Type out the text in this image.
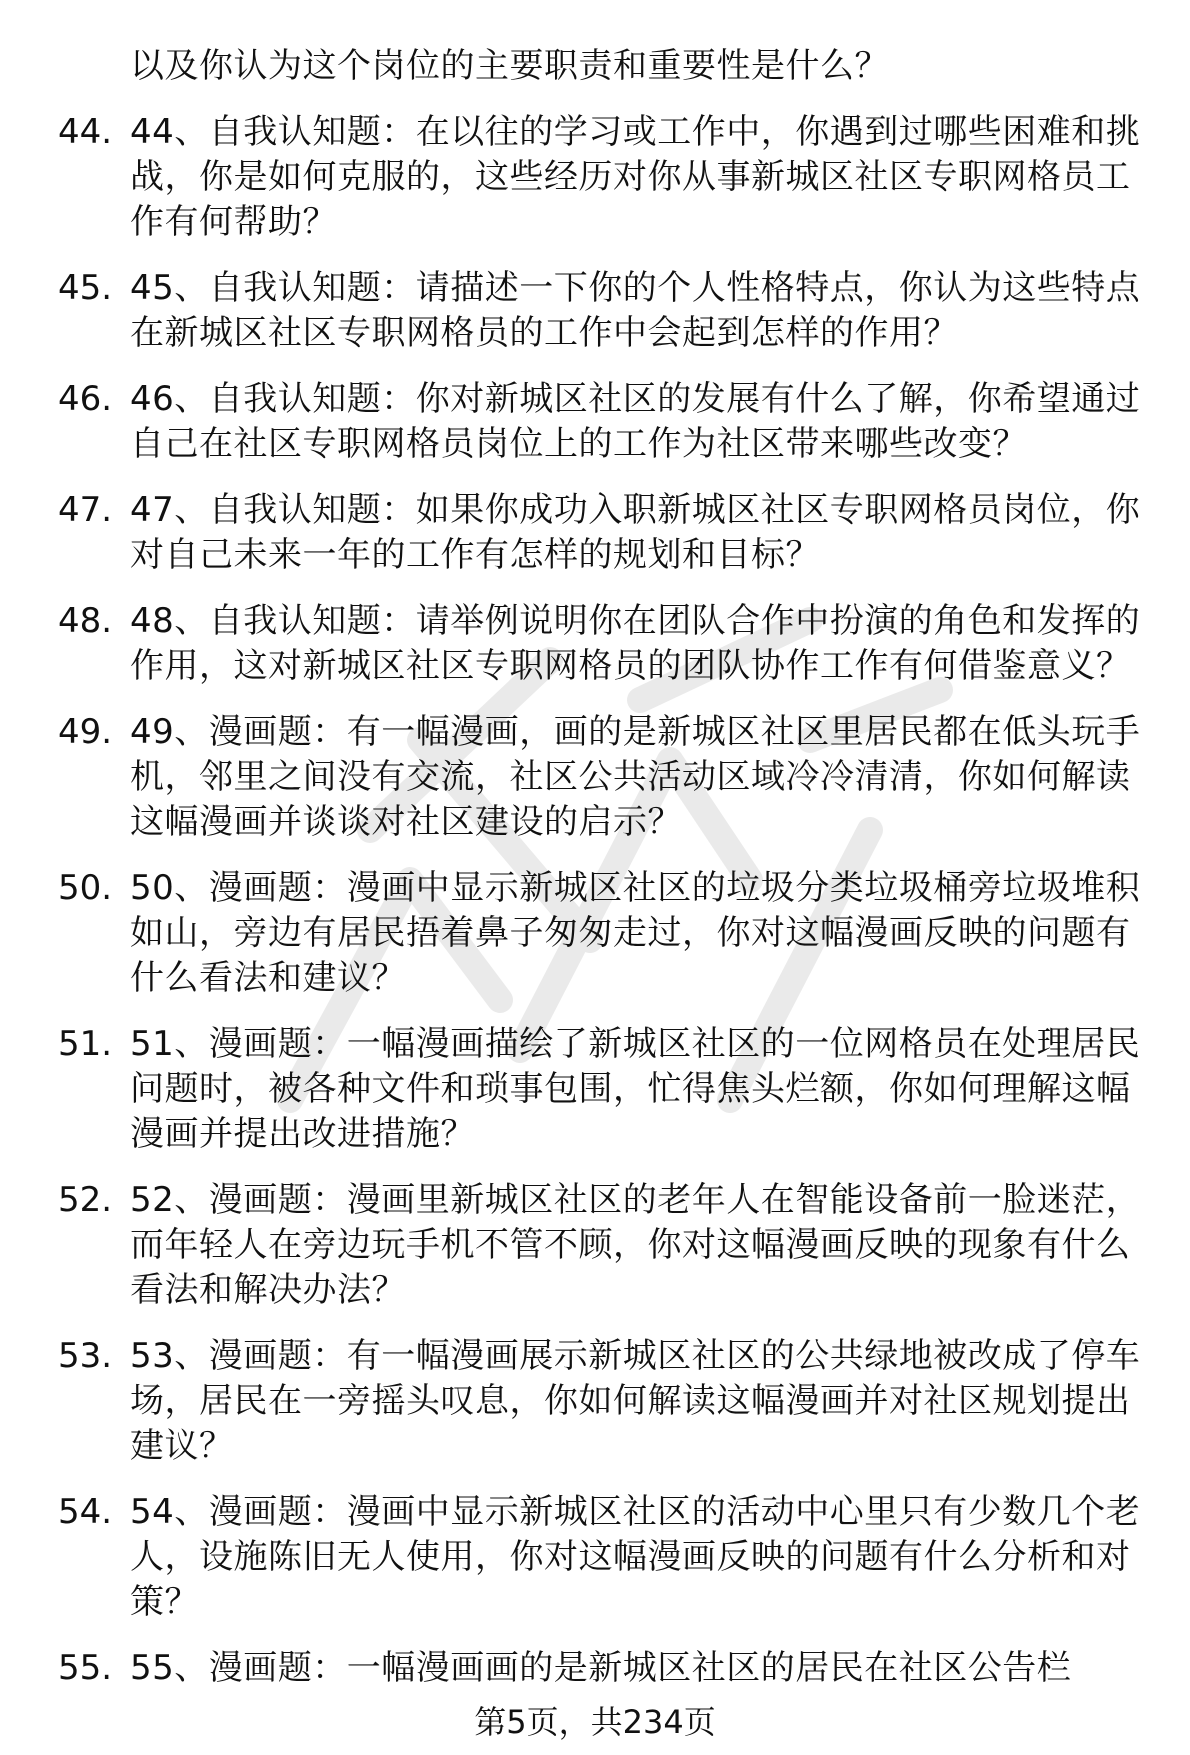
以及你认为这个岗位的主要职责和重要性是什么？
44. 44、自我认知题：在以往的学习或工作中，你遇到过哪些困难和挑战，你是如何克服的，这些经历对你从事新城区社区专职网格员工作有何帮助？
45. 45、自我认知题：请描述一下你的个人性格特点，你认为这些特点在新城区社区专职网格员的工作中会起到怎样的作用？
46. 46、自我认知题：你对新城区社区的发展有什么了解，你希望通过自己在社区专职网格员岗位上的工作为社区带来哪些改变？
47. 47、自我认知题：如果你成功入职新城区社区专职网格员岗位，你对自己未来一年的工作有怎样的规划和目标？
48. 48、自我认知题：请举例说明你在团队合作中扮演的角色和发挥的作用，这对新城区社区专职网格员的团队协作工作有何借鉴意义？
49. 49、漫画题：有一幅漫画，画的是新城区社区里居民都在低头玩手机，邻里之间没有交流，社区公共活动区域冷冷清清，你如何解读这幅漫画并谈谈对社区建设的启示？
50. 50、漫画题：漫画中显示新城区社区的垃圾分类垃圾桶旁垃圾堆积如山，旁边有居民捂着鼻子匆匆走过，你对这幅漫画反映的问题有什么看法和建议？
51. 51、漫画题：一幅漫画描绘了新城区社区的一位网格员在处理居民问题时，被各种文件和琐事包围，忙得焦头烂额，你如何理解这幅漫画并提出改进措施？
52. 52、漫画题：漫画里新城区社区的老年人在智能设备前一脸迷茫，而年轻人在旁边玩手机不管不顾，你对这幅漫画反映的现象有什么看法和解决办法？
53. 53、漫画题：有一幅漫画展示新城区社区的公共绿地被改成了停车场，居民在一旁摇头叹息，你如何解读这幅漫画并对社区规划提出建议？
54. 54、漫画题：漫画中显示新城区社区的活动中心里只有少数几个老人，设施陈旧无人使用，你对这幅漫画反映的问题有什么分析和对策？
55. 55、漫画题：一幅漫画画的是新城区社区的居民在社区公告栏
第5页，共234页
